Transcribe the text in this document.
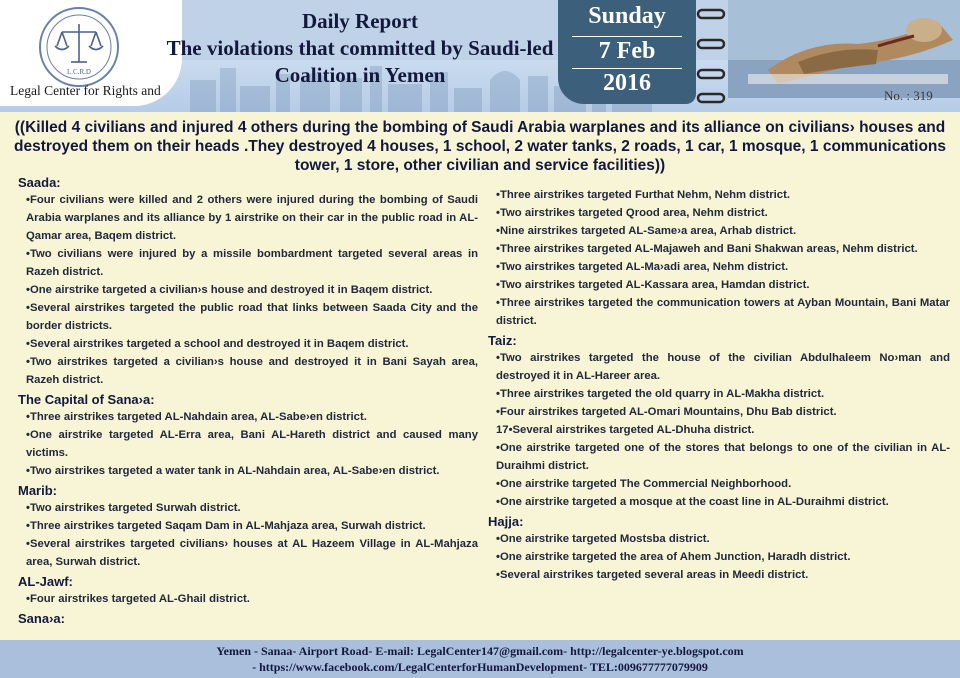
L.C.R.D
Legal Center for Rights and
Daily Report
The violations that committed by Saudi-led
Coalition in Yemen
Sunday
7 Feb
2016	No. : 319
((Killed 4 civilians and injured 4 others during the bombing of Saudi Arabia warplanes and its alliance on civilians› houses and destroyed them on their heads .They destroyed 4 houses, 1 school, 2 water tanks, 2 roads, 1 car, 1 mosque, 1 communications tower, 1 store, other civilian and service facilities))
Saada:
•Four civilians were killed and 2 others were injured during the bombing of Saudi Arabia warplanes and its alliance by 1 airstrike on their car in the public road in AL-Qamar area, Baqem district.
•Two civilians were injured by a missile bombardment targeted several areas in Razeh district.
•One airstrike targeted a civilian›s house and destroyed it in Baqem district.
•Several airstrikes targeted the public road that links between Saada City and the border districts.
•Several airstrikes targeted a school and destroyed it in Baqem district.
•Two airstrikes targeted a civilian›s house and destroyed it in Bani Sayah area, Razeh district.
The Capital of Sana›a:
•Three airstrikes targeted AL-Nahdain area, AL-Sabe›en district.
•One airstrike targeted AL-Erra area, Bani AL-Hareth district and caused many victims.
•Two airstrikes targeted a water tank in AL-Nahdain area, AL-Sabe›en district.
Marib:
•Two airstrikes targeted Surwah district.
•Three airstrikes targeted Saqam Dam in AL-Mahjaza area, Surwah district.
•Several airstrikes targeted civilians› houses at AL Hazeem Village in AL-Mahjaza area, Surwah district.
AL-Jawf:
•Four airstrikes targeted AL-Ghail district.
Sana›a:
•Three airstrikes targeted Furthat Nehm, Nehm district.
•Two airstrikes targeted Qrood area, Nehm district.
•Nine airstrikes targeted AL-Same›a area, Arhab district.
•Three airstrikes targeted AL-Majaweh and Bani Shakwan areas, Nehm district.
•Two airstrikes targeted AL-Ma›adi area, Nehm district.
•Two airstrikes targeted AL-Kassara area, Hamdan district.
•Three airstrikes targeted the communication towers at Ayban Mountain, Bani Matar district.
Taiz:
•Two airstrikes targeted the house of the civilian Abdulhaleem No›man and destroyed it in AL-Hareer area.
•Three airstrikes targeted the old quarry in AL-Makha district.
•Four airstrikes targeted AL-Omari Mountains, Dhu Bab district.
17•Several airstrikes targeted AL-Dhuha district.
•One airstrike targeted one of the stores that belongs to one of the civilian in AL-Duraihmi district.
•One airstrike targeted The Commercial Neighborhood.
•One airstrike targeted a mosque at the coast line in AL-Duraihmi district.
Hajja:
•One airstrike targeted Mostsba district.
•One airstrike targeted the area of Ahem Junction, Haradh district.
•Several airstrikes targeted several areas in Meedi district.
Yemen - Sanaa- Airport Road- E-mail: LegalCenter147@gmail.com- http://legalcenter-ye.blogspot.com
- https://www.facebook.com/LegalCenterforHumanDevelopment- TEL:009677777079909
